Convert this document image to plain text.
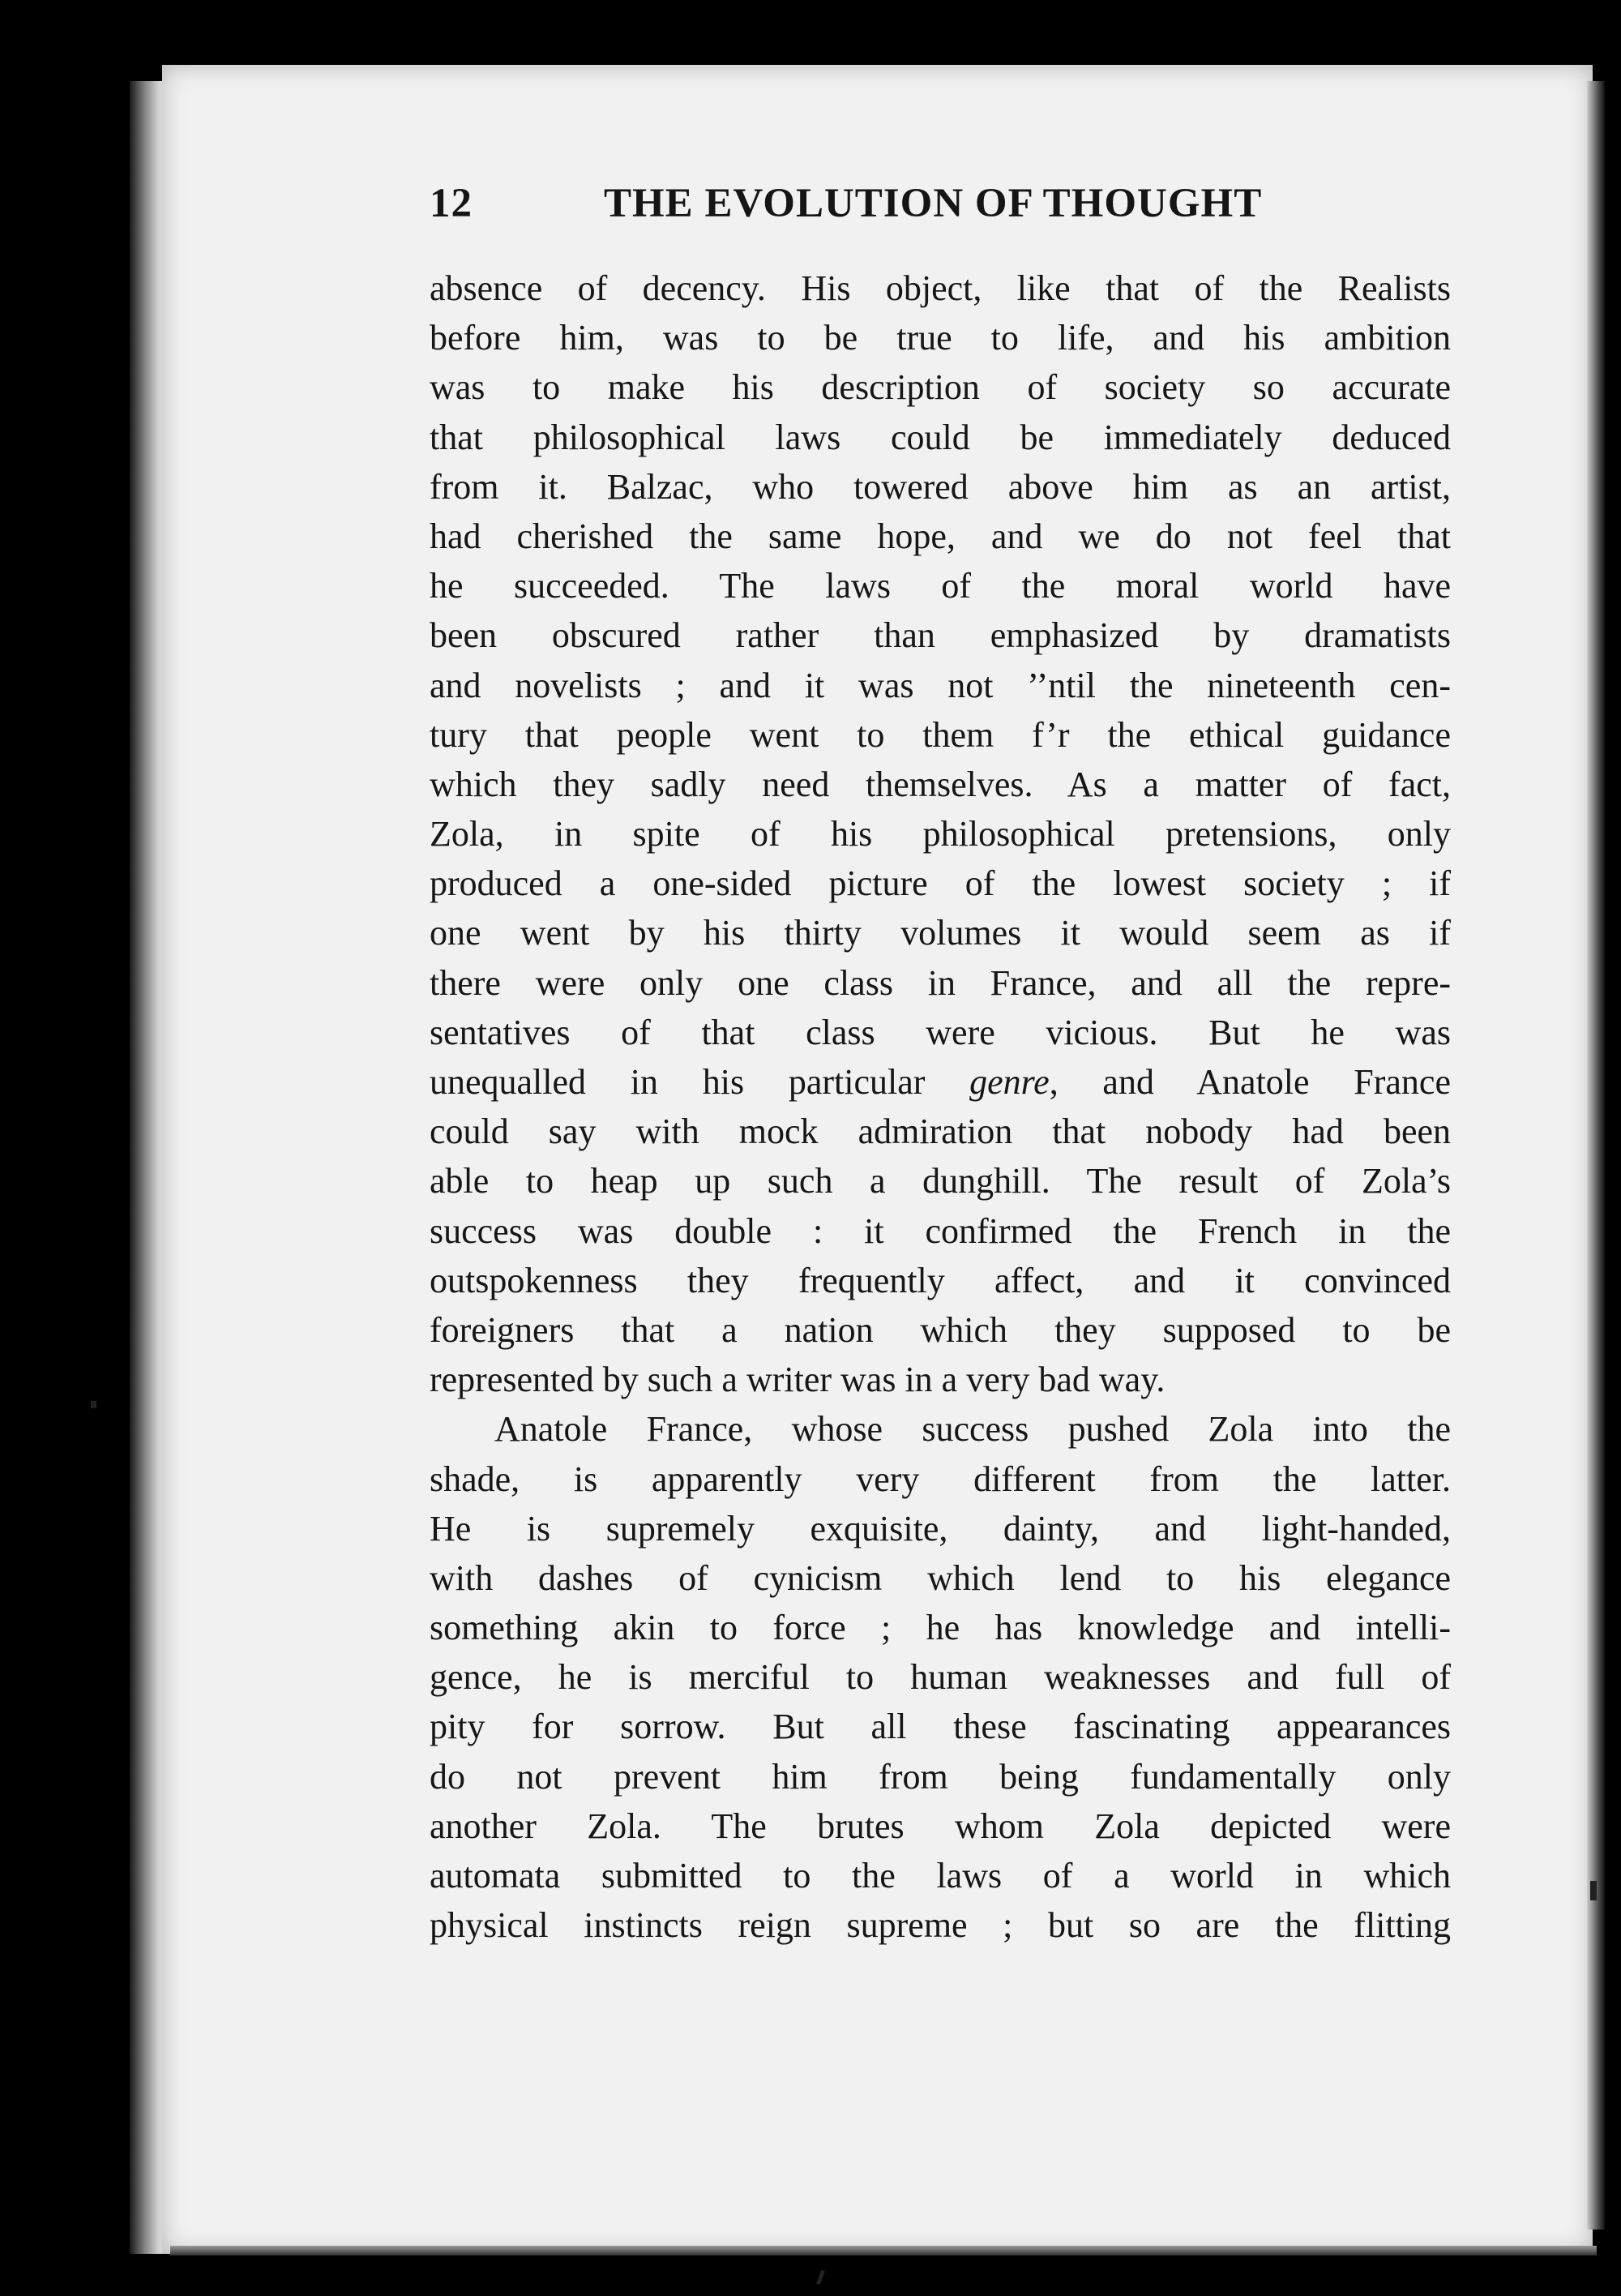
12	THE EVOLUTION OF THOUGHT
absence of decency. His object, like that of the Realists
before him, was to be true to life, and his ambition
was to make his description of society so accurate
that philosophical laws could be immediately deduced
from it. Balzac, who towered above him as an artist,
had cherished the same hope, and we do not feel that
he succeeded. The laws of the moral world have
been obscured rather than emphasized by dramatists
and novelists ; and it was not ’’ntil the nineteenth cen-
tury that people went to them f’r the ethical guidance
which they sadly need themselves. As a matter of fact,
Zola, in spite of his philosophical pretensions, only
produced a one-sided picture of the lowest society ; if
one went by his thirty volumes it would seem as if
there were only one class in France, and all the repre-
sentatives of that class were vicious. But he was
unequalled in his particular genre, and Anatole France
could say with mock admiration that nobody had been
able to heap up such a dunghill. The result of Zola’s
success was double : it confirmed the French in the
outspokenness they frequently affect, and it convinced
foreigners that a nation which they supposed to be
represented by such a writer was in a very bad way.
Anatole France, whose success pushed Zola into the
shade, is apparently very different from the latter.
He is supremely exquisite, dainty, and light-handed,
with dashes of cynicism which lend to his elegance
something akin to force ; he has knowledge and intelli-
gence, he is merciful to human weaknesses and full of
pity for sorrow. But all these fascinating appearances
do not prevent him from being fundamentally only
another Zola. The brutes whom Zola depicted were
automata submitted to the laws of a world in which
physical instincts reign supreme ; but so are the flitting
